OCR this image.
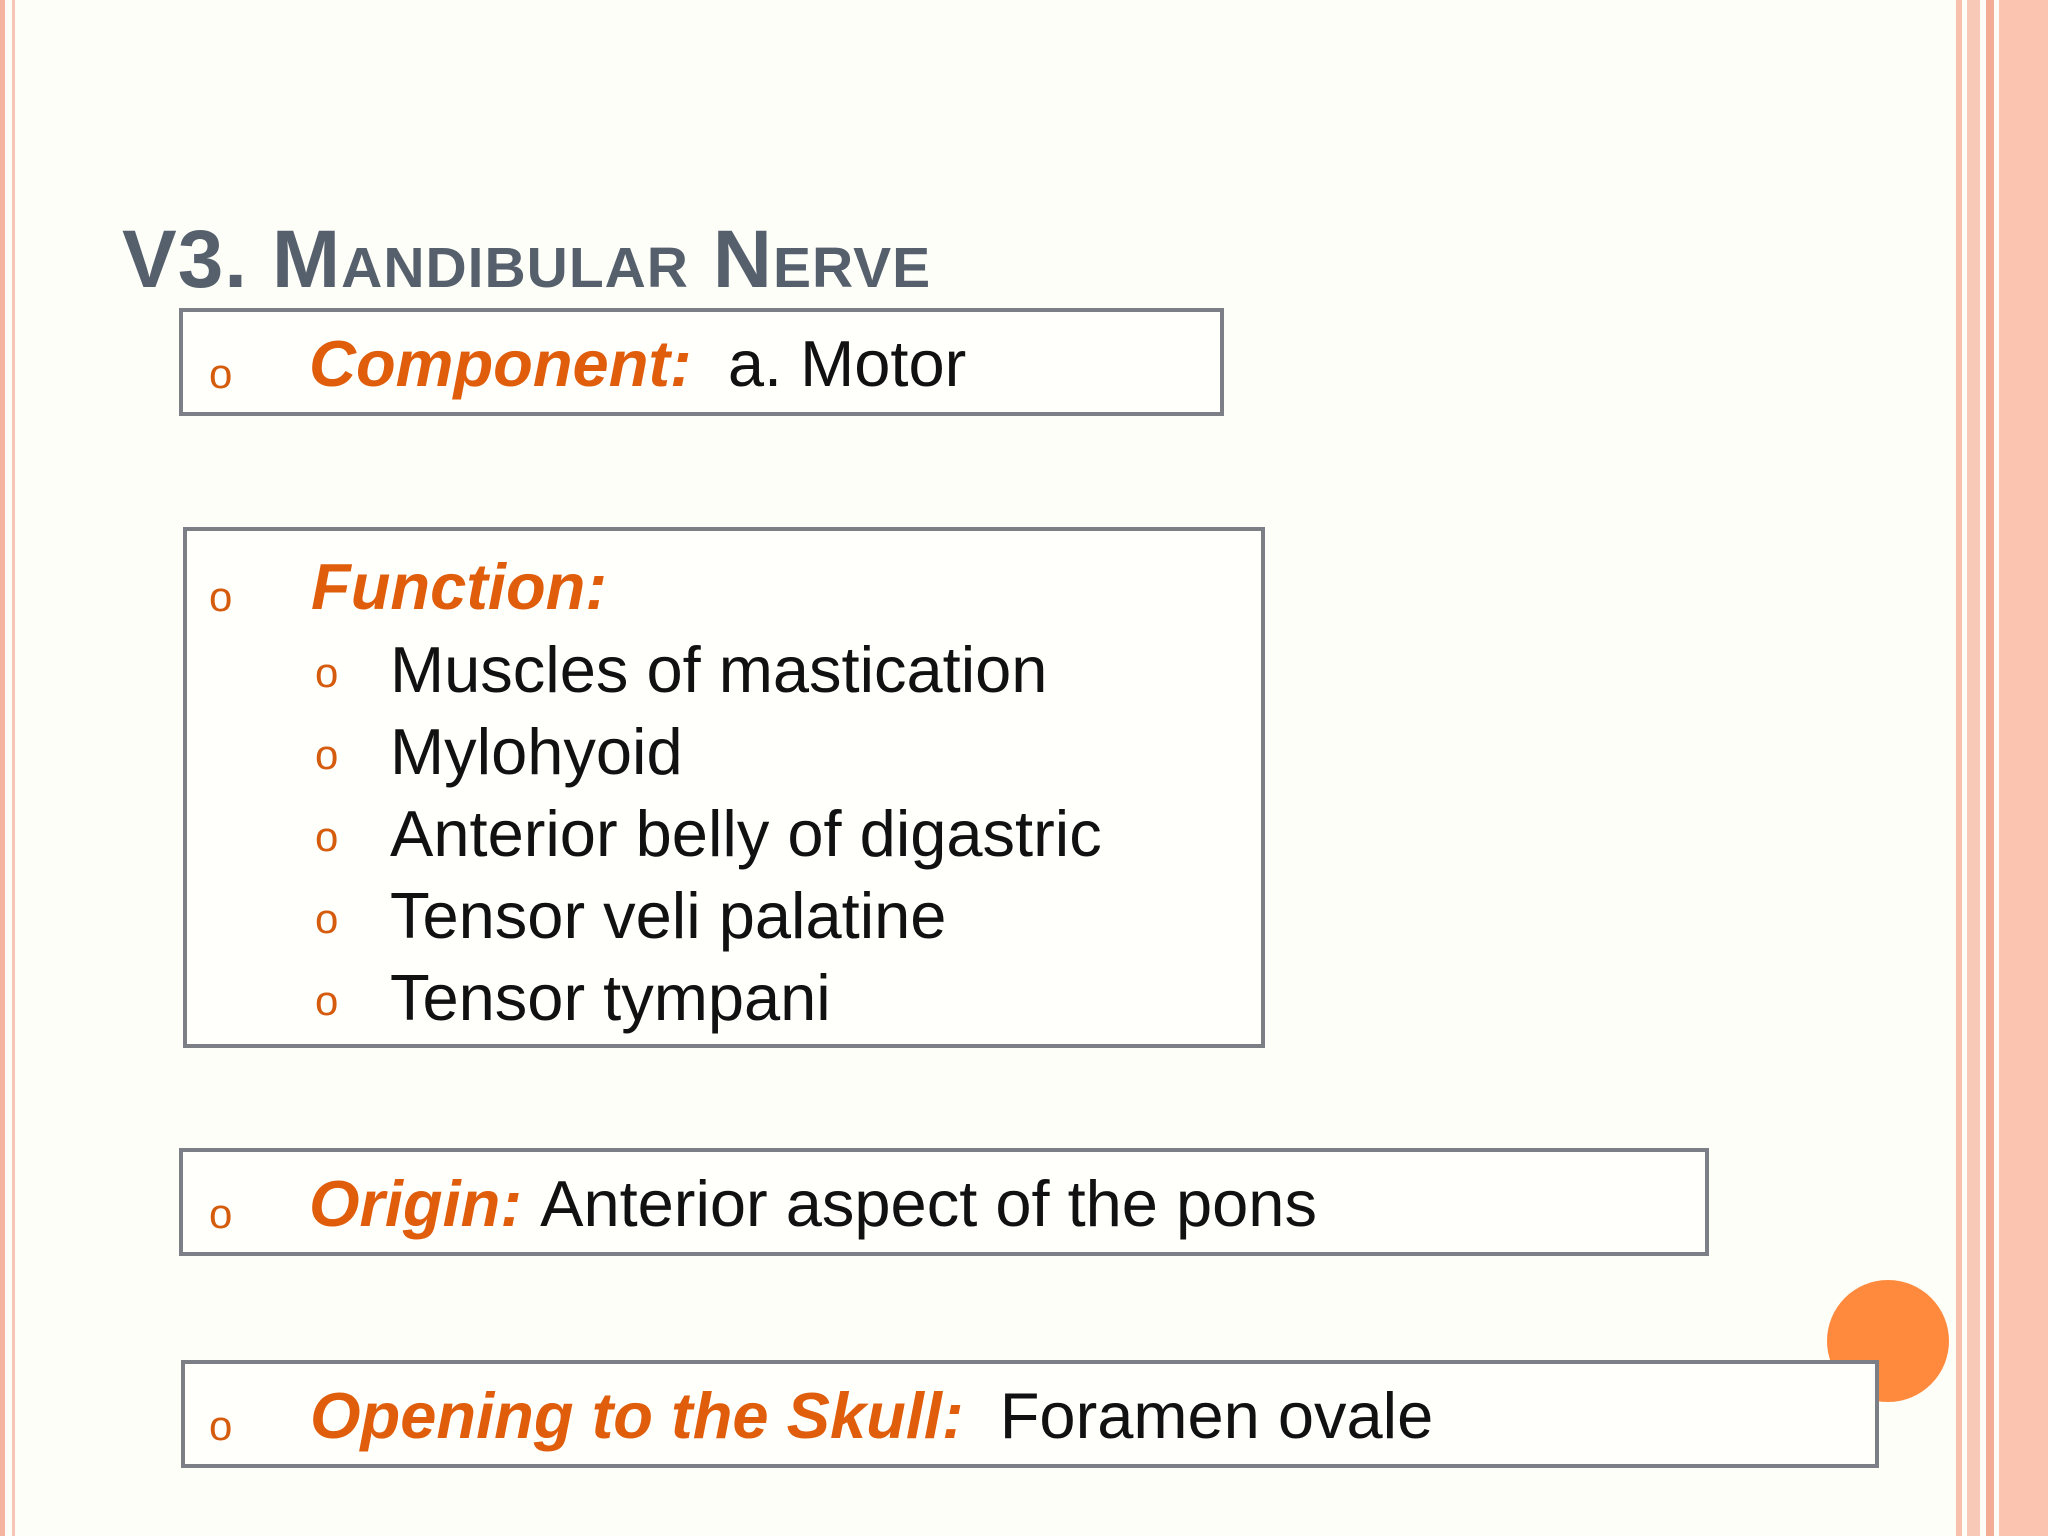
V3. Mandibular Nerve
o Component: a. Motor
o Function:
o Muscles of mastication
o Mylohyoid
o Anterior belly of digastric
o Tensor veli palatine
o Tensor tympani
o Origin: Anterior aspect of the pons
o Opening to the Skull: Foramen ovale
